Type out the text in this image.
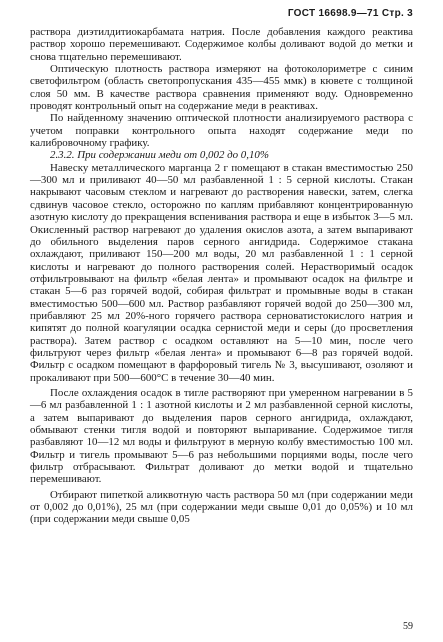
ГОСТ 16698.9—71 Стр. 3

раствора диэтилдитиокарбамата натрия. После добавления каждого реактива раствор хорошо перемешивают. Содержимое колбы доливают водой до метки и снова тщательно перемешивают.

Оптическую плотность раствора измеряют на фотоколориметре с синим светофильтром (область светопропускания 435—455 ммк) в кювете с толщиной слоя 50 мм. В качестве раствора сравнения применяют воду. Одновременно проводят контрольный опыт на содержание меди в реактивах.

По найденному значению оптической плотности анализируемого раствора с учетом поправки контрольного опыта находят содержание меди по калибровочному графику.

2.3.2. При содержании меди от 0,002 до 0,10%

Навеску металлического марганца 2 г помещают в стакан вместимостью 250—300 мл и приливают 40—50 мл разбавленной 1 : 5 серной кислоты. Стакан накрывают часовым стеклом и нагревают до растворения навески, затем, слегка сдвинув часовое стекло, осторожно по каплям прибавляют концентрированную азотную кислоту до прекращения вспенивания раствора и еще в избыток 3—5 мл. Окисленный раствор нагревают до удаления окислов азота, а затем выпаривают до обильного выделения паров серного ангидрида. Содержимое стакана охлаждают, приливают 150—200 мл воды, 20 мл разбавленной 1 : 1 серной кислоты и нагревают до полного растворения солей. Нерастворимый осадок отфильтровывают на фильтр «белая лента» и промывают осадок на фильтре и стакан 5—6 раз горячей водой, собирая фильтрат и промывные воды в стакан вместимостью 500—600 мл. Раствор разбавляют горячей водой до 250—300 мл, прибавляют 25 мл 20%-ного горячего раствора серноватистокислого натрия и кипятят до полной коагуляции осадка сернистой меди и серы (до просветления раствора). Затем раствор с осадком оставляют на 5—10 мин, после чего фильтруют через фильтр «белая лента» и промывают 6—8 раз горячей водой. Фильтр с осадком помещают в фарфоровый тигель № 3, высушивают, озоляют и прокаливают при 500—600°С в течение 30—40 мин.

После охлаждения осадок в тигле растворяют при умеренном нагревании в 5—6 мл разбавленной 1 : 1 азотной кислоты и 2 мл разбавленной серной кислоты, а затем выпаривают до выделения паров серного ангидрида, охлаждают, обмывают стенки тигля водой и повторяют выпаривание. Содержимое тигля разбавляют 10—12 мл воды и фильтруют в мерную колбу вместимостью 100 мл. Фильтр и тигель промывают 5—6 раз небольшими порциями воды, после чего фильтр отбрасывают. Фильтрат доливают до метки водой и тщательно перемешивают.

Отбирают пипеткой аликвотную часть раствора 50 мл (при содержании меди от 0,002 до 0,01%), 25 мл (при содержании меди свыше 0,01 до 0,05%) и 10 мл (при содержании меди свыше 0,05

59
